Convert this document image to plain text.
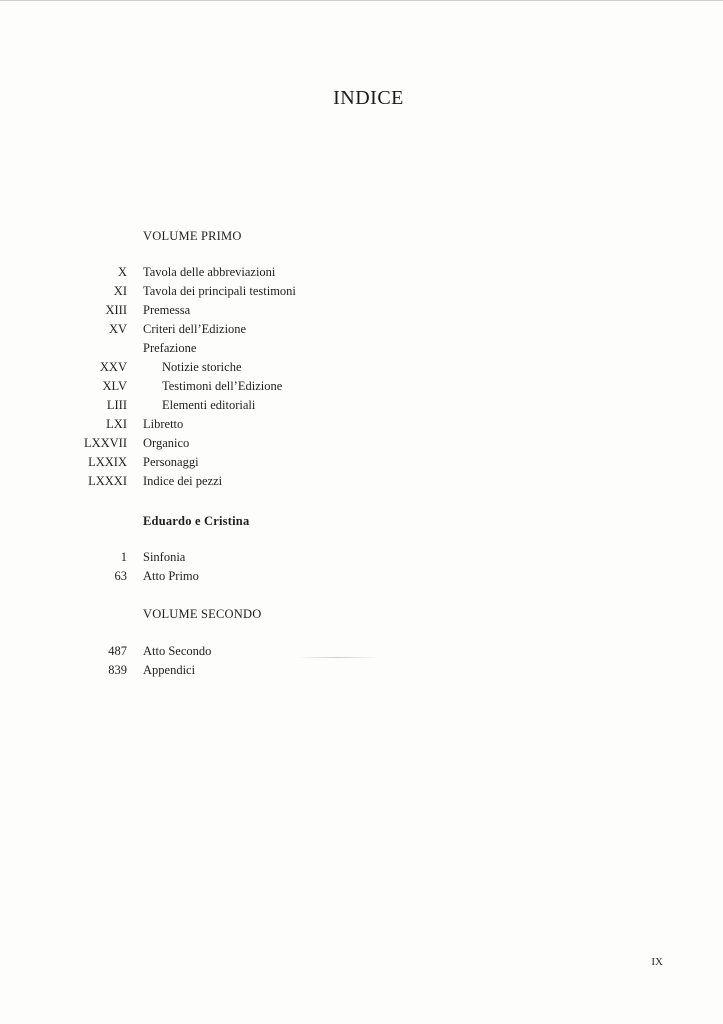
INDICE
VOLUME PRIMO
X Tavola delle abbreviazioni
XI Tavola dei principali testimoni
XIII Premessa
XV Criteri dell’Edizione
Prefazione
XXV	Notizie storiche
XLV	Testimoni dell’Edizione
LIII	Elementi editoriali
LXI Libretto
LXXVII Organico
LXXIX Personaggi
LXXXI Indice dei pezzi
Eduardo e Cristina
1 Sinfonia
63 Atto Primo
VOLUME SECONDO
487 Atto Secondo
839 Appendici
IX
